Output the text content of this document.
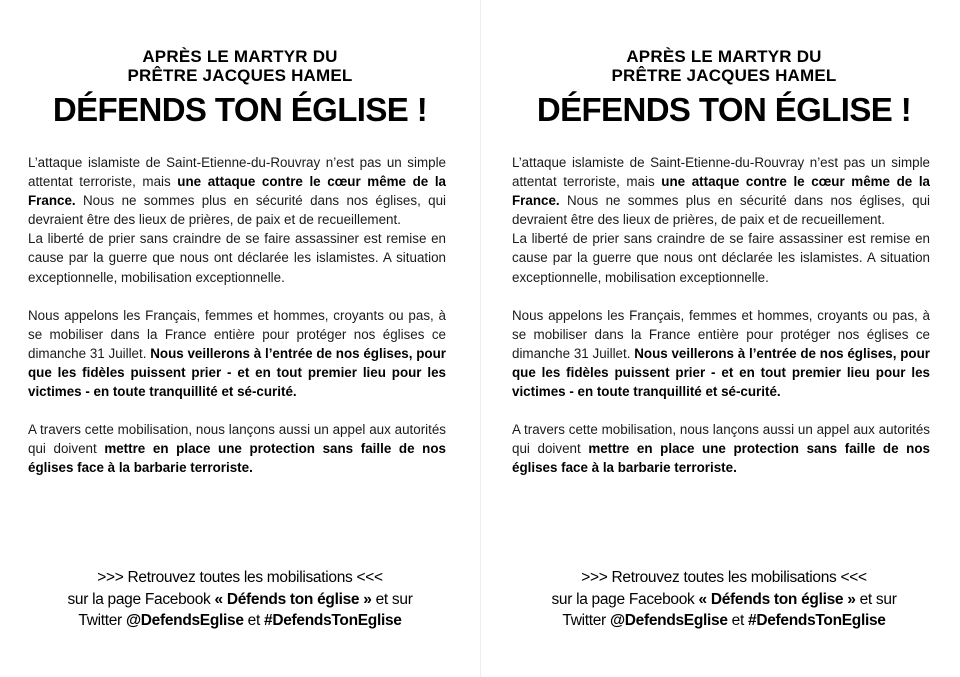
APRÈS LE MARTYR DU
PRÊTRE JACQUES HAMEL
DÉFENDS TON ÉGLISE !

L’attaque islamiste de Saint-Etienne-du-Rouvray n’est pas un simple attentat terroriste, mais une attaque contre le cœur même de la France. Nous ne sommes plus en sécurité dans nos églises, qui devraient être des lieux de prières, de paix et de recueillement.

La liberté de prier sans craindre de se faire assassiner est remise en cause par la guerre que nous ont déclarée les islamistes. A situation exceptionnelle, mobilisation exceptionnelle.

Nous appelons les Français, femmes et hommes, croyants ou pas, à se mobiliser dans la France entière pour protéger nos églises ce dimanche 31 Juillet. Nous veillerons à l’entrée de nos églises, pour que les fidèles puissent prier - et en tout premier lieu pour les victimes - en toute tranquillité et sé-curité.

A travers cette mobilisation, nous lançons aussi un appel aux autorités qui doivent mettre en place une protection sans faille de nos églises face à la barbarie terroriste.

>>> Retrouvez toutes les mobilisations <<<
sur la page Facebook « Défends ton église » et sur
Twitter @DefendsEglise et #DefendsTonEglise
APRÈS LE MARTYR DU
PRÊTRE JACQUES HAMEL
DÉFENDS TON ÉGLISE !

L’attaque islamiste de Saint-Etienne-du-Rouvray n’est pas un simple attentat terroriste, mais une attaque contre le cœur même de la France. Nous ne sommes plus en sécurité dans nos églises, qui devraient être des lieux de prières, de paix et de recueillement.

La liberté de prier sans craindre de se faire assassiner est remise en cause par la guerre que nous ont déclarée les islamistes. A situation exceptionnelle, mobilisation exceptionnelle.

Nous appelons les Français, femmes et hommes, croyants ou pas, à se mobiliser dans la France entière pour protéger nos églises ce dimanche 31 Juillet. Nous veillerons à l’entrée de nos églises, pour que les fidèles puissent prier - et en tout premier lieu pour les victimes - en toute tranquillité et sé-curité.

A travers cette mobilisation, nous lançons aussi un appel aux autorités qui doivent mettre en place une protection sans faille de nos églises face à la barbarie terroriste.

>>> Retrouvez toutes les mobilisations <<<
sur la page Facebook « Défends ton église » et sur
Twitter @DefendsEglise et #DefendsTonEglise
